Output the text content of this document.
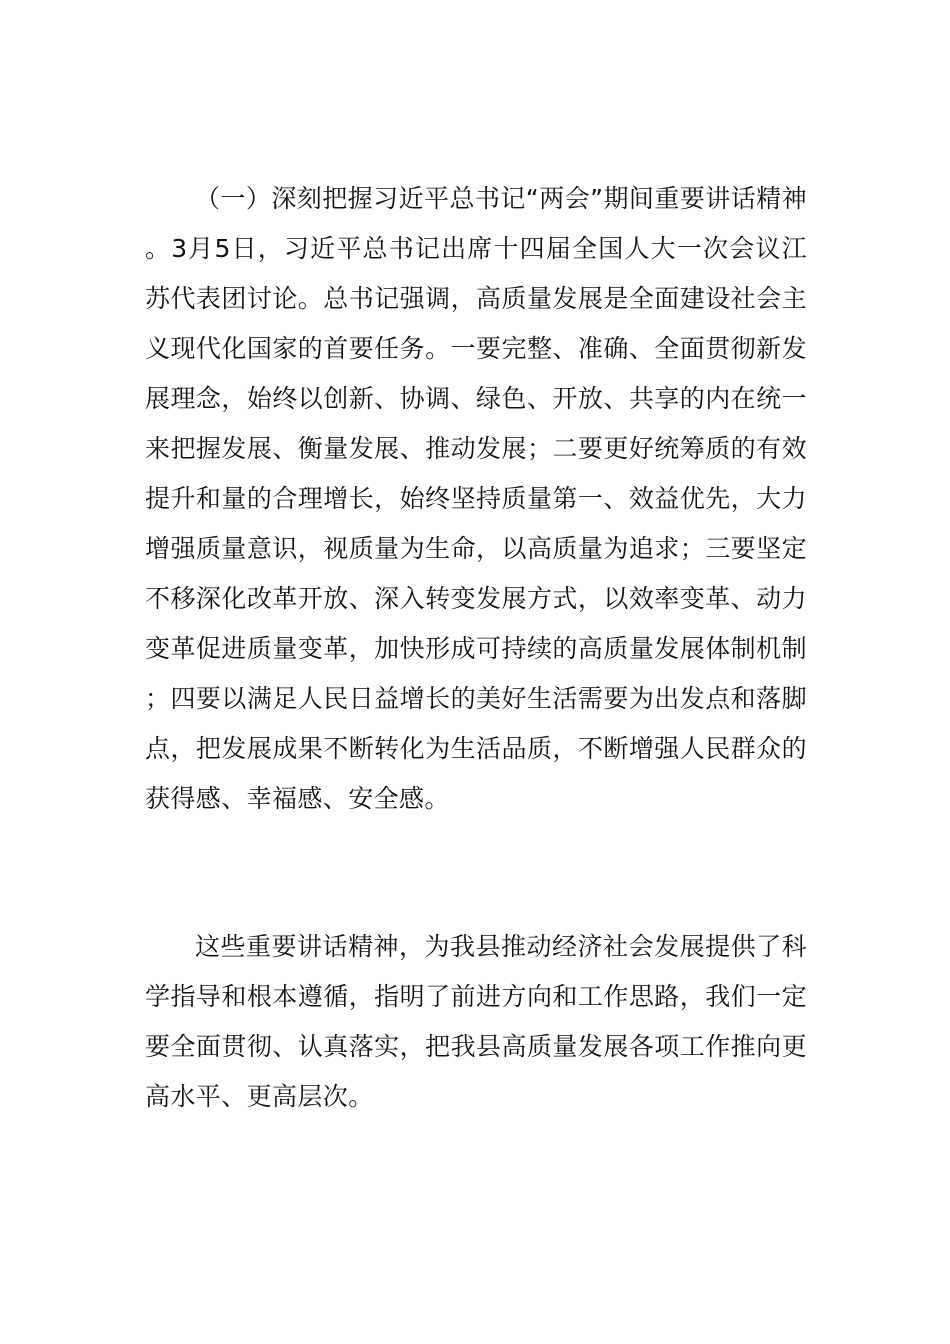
（一）深刻把握习近平总书记“两会”期间重要讲话精神。3月5日，习近平总书记出席十四届全国人大一次会议江苏代表团讨论。总书记强调，高质量发展是全面建设社会主义现代化国家的首要任务。一要完整、准确、全面贯彻新发展理念，始终以创新、协调、绿色、开放、共享的内在统一来把握发展、衡量发展、推动发展；二要更好统筹质的有效提升和量的合理增长，始终坚持质量第一、效益优先，大力增强质量意识，视质量为生命，以高质量为追求；三要坚定不移深化改革开放、深入转变发展方式，以效率变革、动力变革促进质量变革，加快形成可持续的高质量发展体制机制；四要以满足人民日益增长的美好生活需要为出发点和落脚点，把发展成果不断转化为生活品质，不断增强人民群众的获得感、幸福感、安全感。

这些重要讲话精神，为我县推动经济社会发展提供了科学指导和根本遵循，指明了前进方向和工作思路，我们一定要全面贯彻、认真落实，把我县高质量发展各项工作推向更高水平、更高层次。
